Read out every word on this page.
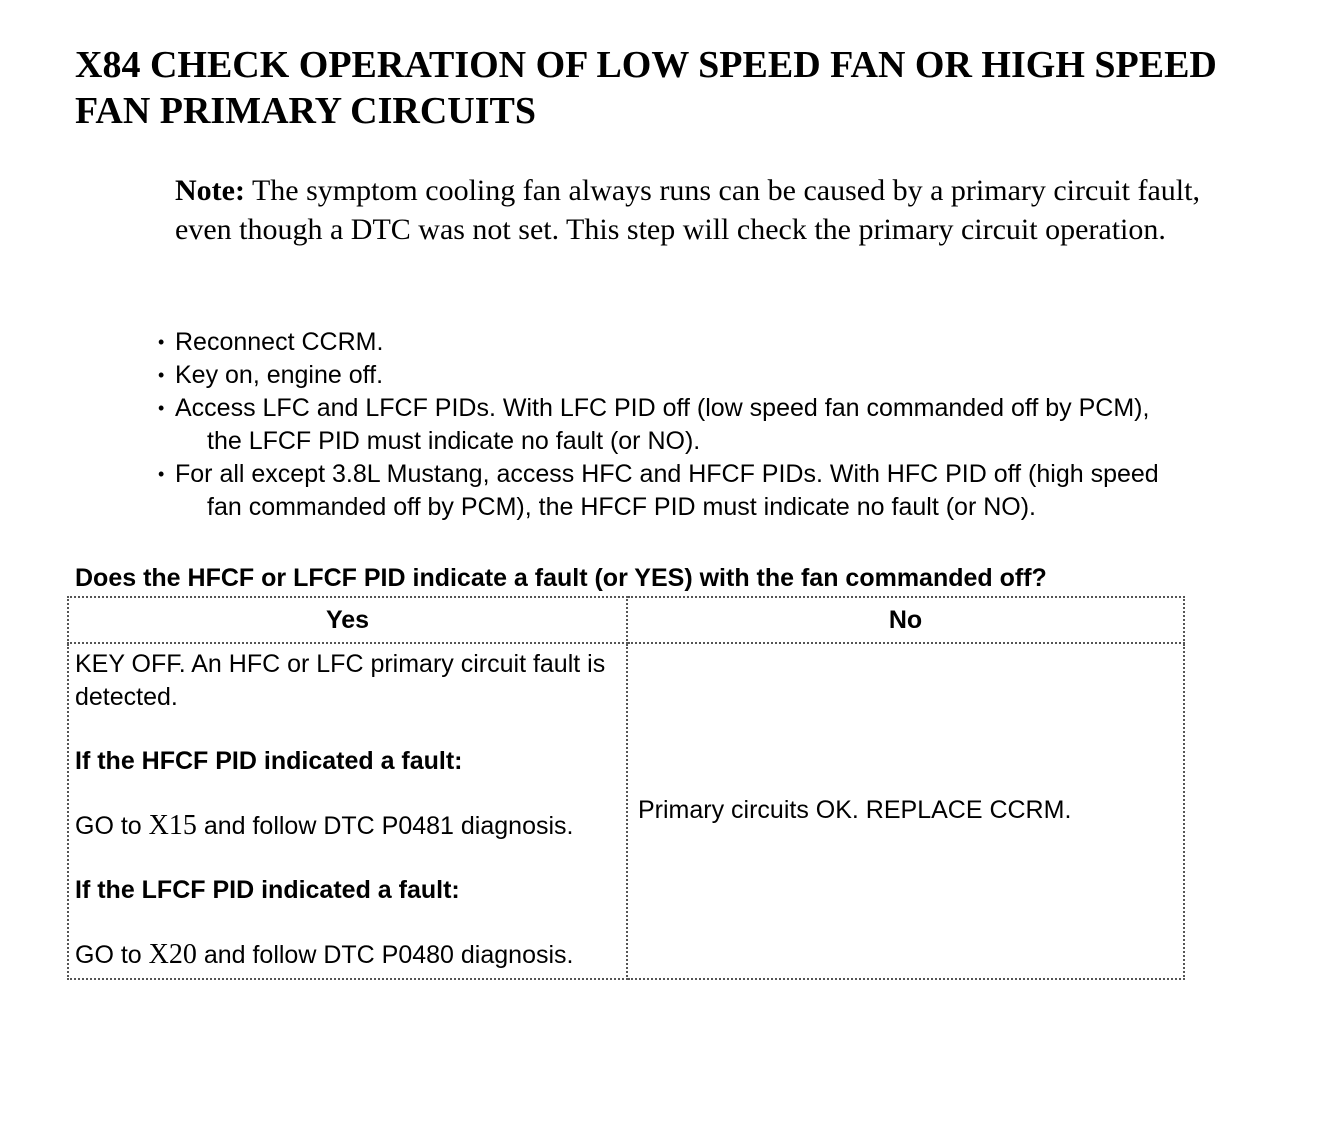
X84 CHECK OPERATION OF LOW SPEED FAN OR HIGH SPEED FAN PRIMARY CIRCUITS

Note: The symptom cooling fan always runs can be caused by a primary circuit fault, even though a DTC was not set. This step will check the primary circuit operation.

• Reconnect CCRM.
• Key on, engine off.
• Access LFC and LFCF PIDs. With LFC PID off (low speed fan commanded off by PCM),
the LFCF PID must indicate no fault (or NO).
• For all except 3.8L Mustang, access HFC and HFCF PIDs. With HFC PID off (high speed
fan commanded off by PCM), the HFCF PID must indicate no fault (or NO).

Does the HFCF or LFCF PID indicate a fault (or YES) with the fan commanded off?

Yes	No

KEY OFF. An HFC or LFC primary circuit fault is detected.

If the HFCF PID indicated a fault:

GO to X15 and follow DTC P0481 diagnosis.

If the LFCF PID indicated a fault:

GO to X20 and follow DTC P0480 diagnosis.	Primary circuits OK. REPLACE CCRM.
